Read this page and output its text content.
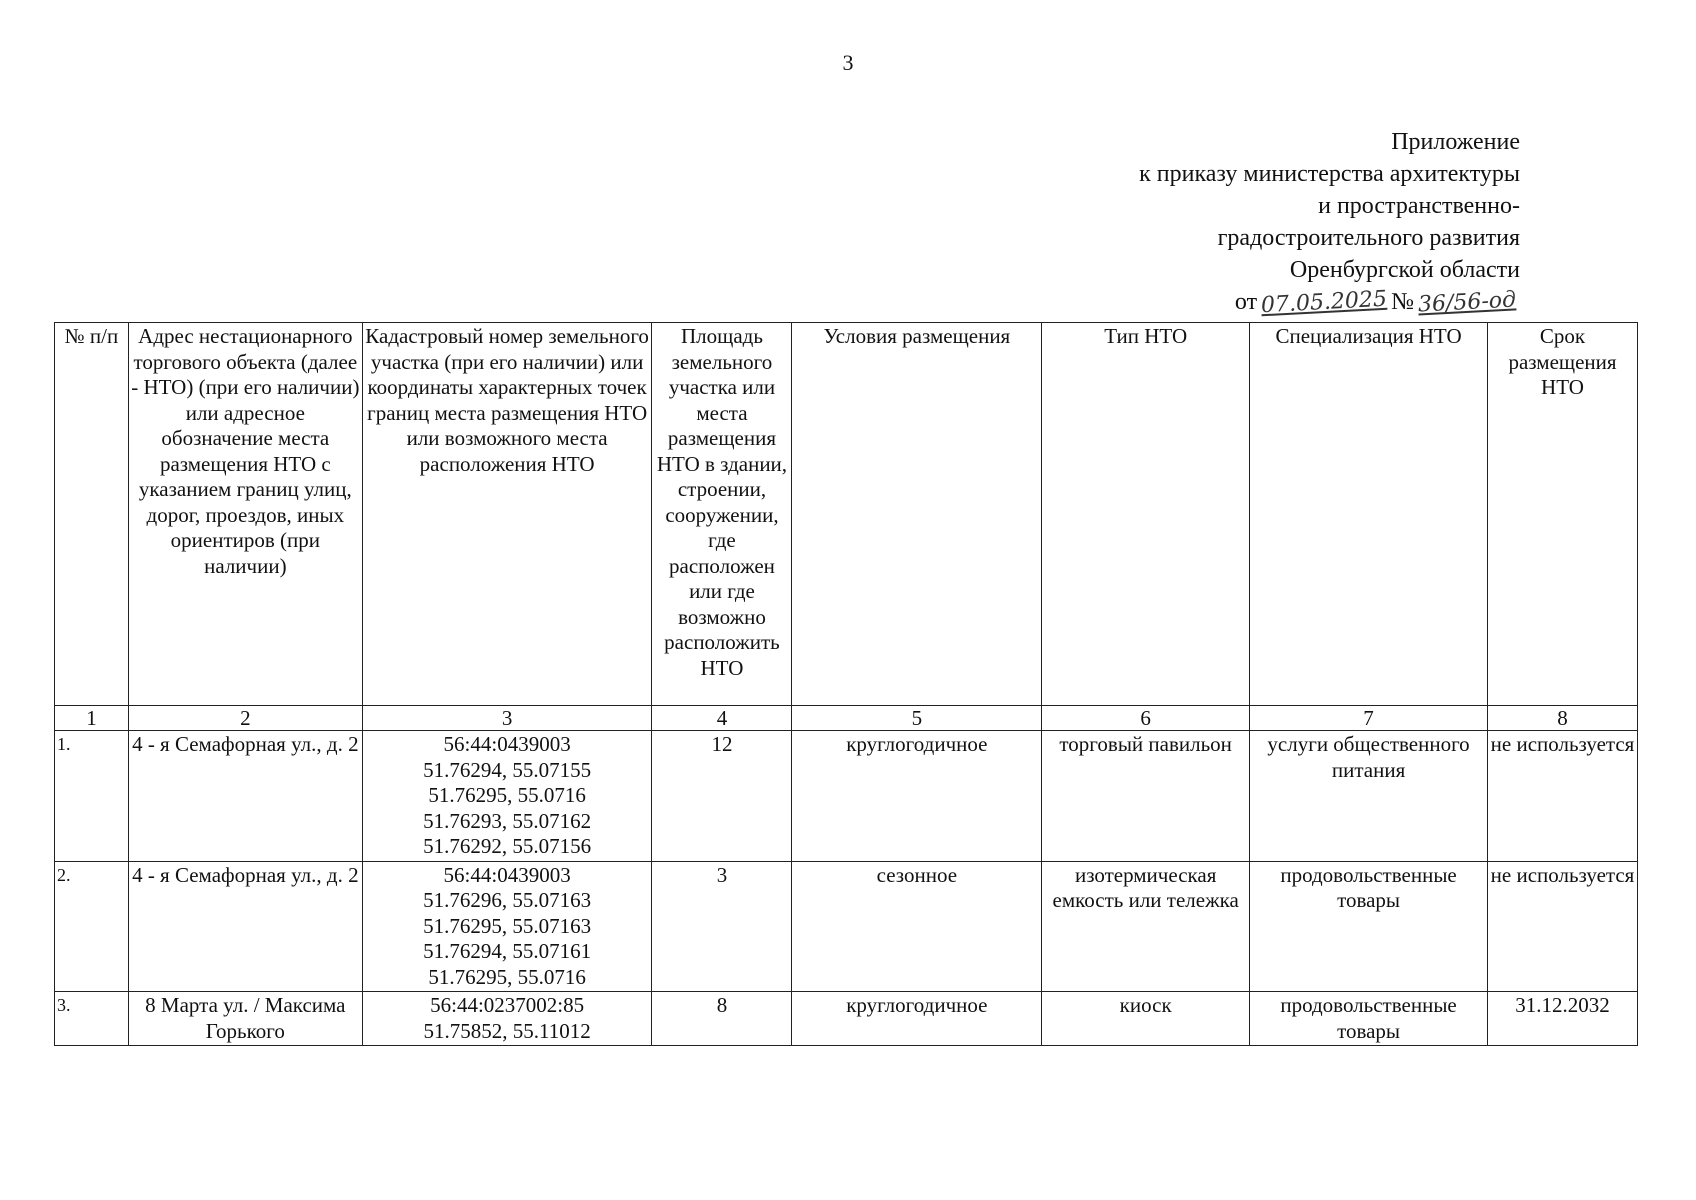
3
Приложение
к приказу министерства архитектуры
и пространственно-
градостроительного развития
Оренбургской области
от 07.05.2025 № 36/56-од
№ п/п	Адрес нестационарного торгового объекта (далее - НТО) (при его наличии) или адресное обозначение места размещения НТО с указанием границ улиц, дорог, проездов, иных ориентиров (при наличии)	Кадастровый номер земельного участка (при его наличии) или координаты характерных точек границ места размещения НТО или возможного места расположения НТО	Площадь земельного участка или места размещения НТО в здании, строении, сооружении, где расположен или где возможно расположить НТО	Условия размещения	Тип НТО	Специализация НТО	Срок размещения НТО
1	2	3	4	5	6	7	8
1.	4 - я Семафорная ул., д. 2	56:44:0439003
51.76294, 55.07155
51.76295, 55.0716
51.76293, 55.07162
51.76292, 55.07156	12	круглогодичное	торговый павильон	услуги общественного питания	не используется
2.	4 - я Семафорная ул., д. 2	56:44:0439003
51.76296, 55.07163
51.76295, 55.07163
51.76294, 55.07161
51.76295, 55.0716	3	сезонное	изотермическая емкость или тележка	продовольственные товары	не используется
3.	8 Марта ул. / Максима Горького	56:44:0237002:85
51.75852, 55.11012	8	круглогодичное	киоск	продовольственные товары	31.12.2032
